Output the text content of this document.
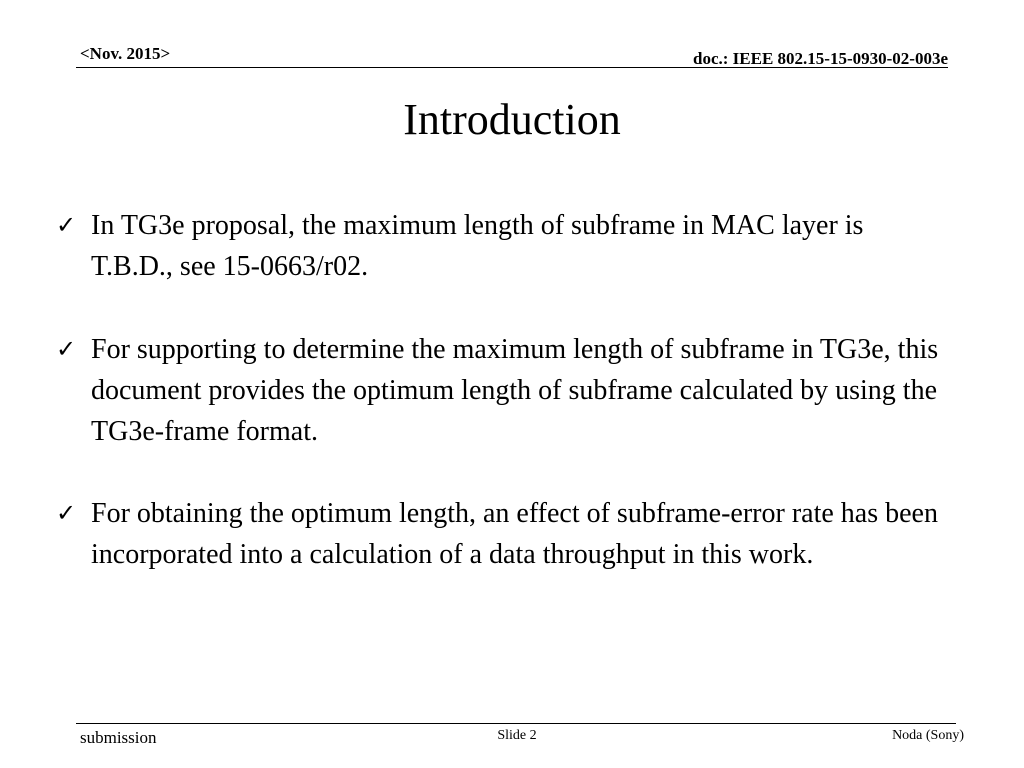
<Nov. 2015>	doc.: IEEE 802.15-15-0930-02-003e
Introduction
✓ In TG3e proposal, the maximum length of subframe in MAC layer is T.B.D., see 15-0663/r02.
✓ For supporting to determine the maximum length of subframe in TG3e, this document provides the optimum length of subframe calculated by using the TG3e-frame format.
✓ For obtaining the optimum length, an effect of subframe-error rate has been incorporated into a calculation of a data throughput in this work.
submission	Slide 2	Noda (Sony)
